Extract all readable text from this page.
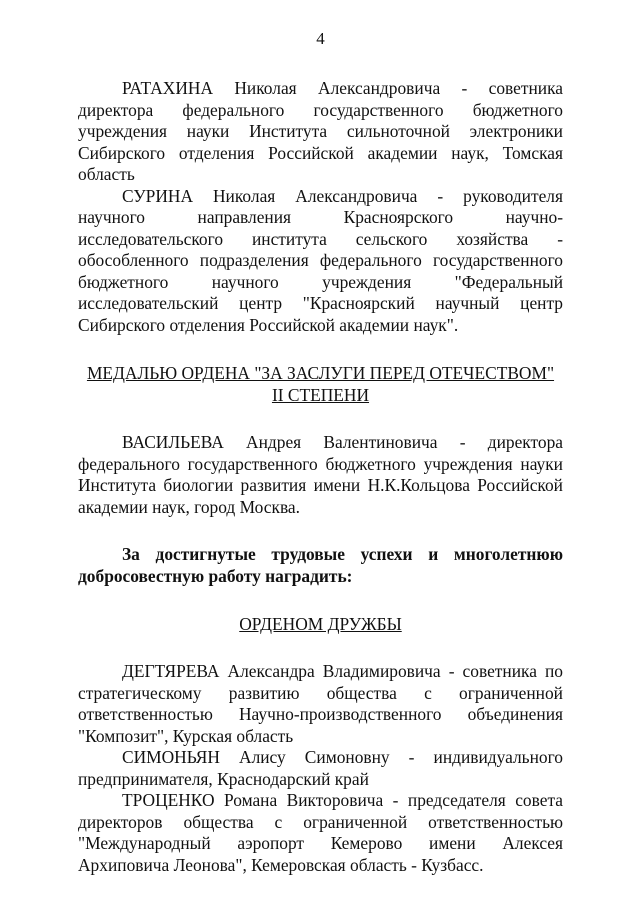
4

РАТАХИНА Николая Александровича - советника директора федерального государственного бюджетного учреждения науки Института сильноточной электроники Сибирского отделения Российской академии наук, Томская область

СУРИНА Николая Александровича - руководителя научного направления Красноярского научно-исследовательского института сельского хозяйства - обособленного подразделения федерального государственного бюджетного научного учреждения "Федеральный исследовательский центр "Красноярский научный центр Сибирского отделения Российской академии наук".

МЕДАЛЬЮ ОРДЕНА "ЗА ЗАСЛУГИ ПЕРЕД ОТЕЧЕСТВОМ"

II СТЕПЕНИ

ВАСИЛЬЕВА Андрея Валентиновича - директора федерального государственного бюджетного учреждения науки Института биологии развития имени Н.К.Кольцова Российской академии наук, город Москва.

За достигнутые трудовые успехи и многолетнюю добросовестную работу наградить:

ОРДЕНОМ ДРУЖБЫ

ДЕГТЯРЕВА Александра Владимировича - советника по стратегическому развитию общества с ограниченной ответственностью Научно-производственного объединения "Композит", Курская область

СИМОНЬЯН Алису Симоновну - индивидуального предпринимателя, Краснодарский край

ТРОЦЕНКО Романа Викторовича - председателя совета директоров общества с ограниченной ответственностью "Международный аэропорт Кемерово имени Алексея Архиповича Леонова", Кемеровская область - Кузбасс.
